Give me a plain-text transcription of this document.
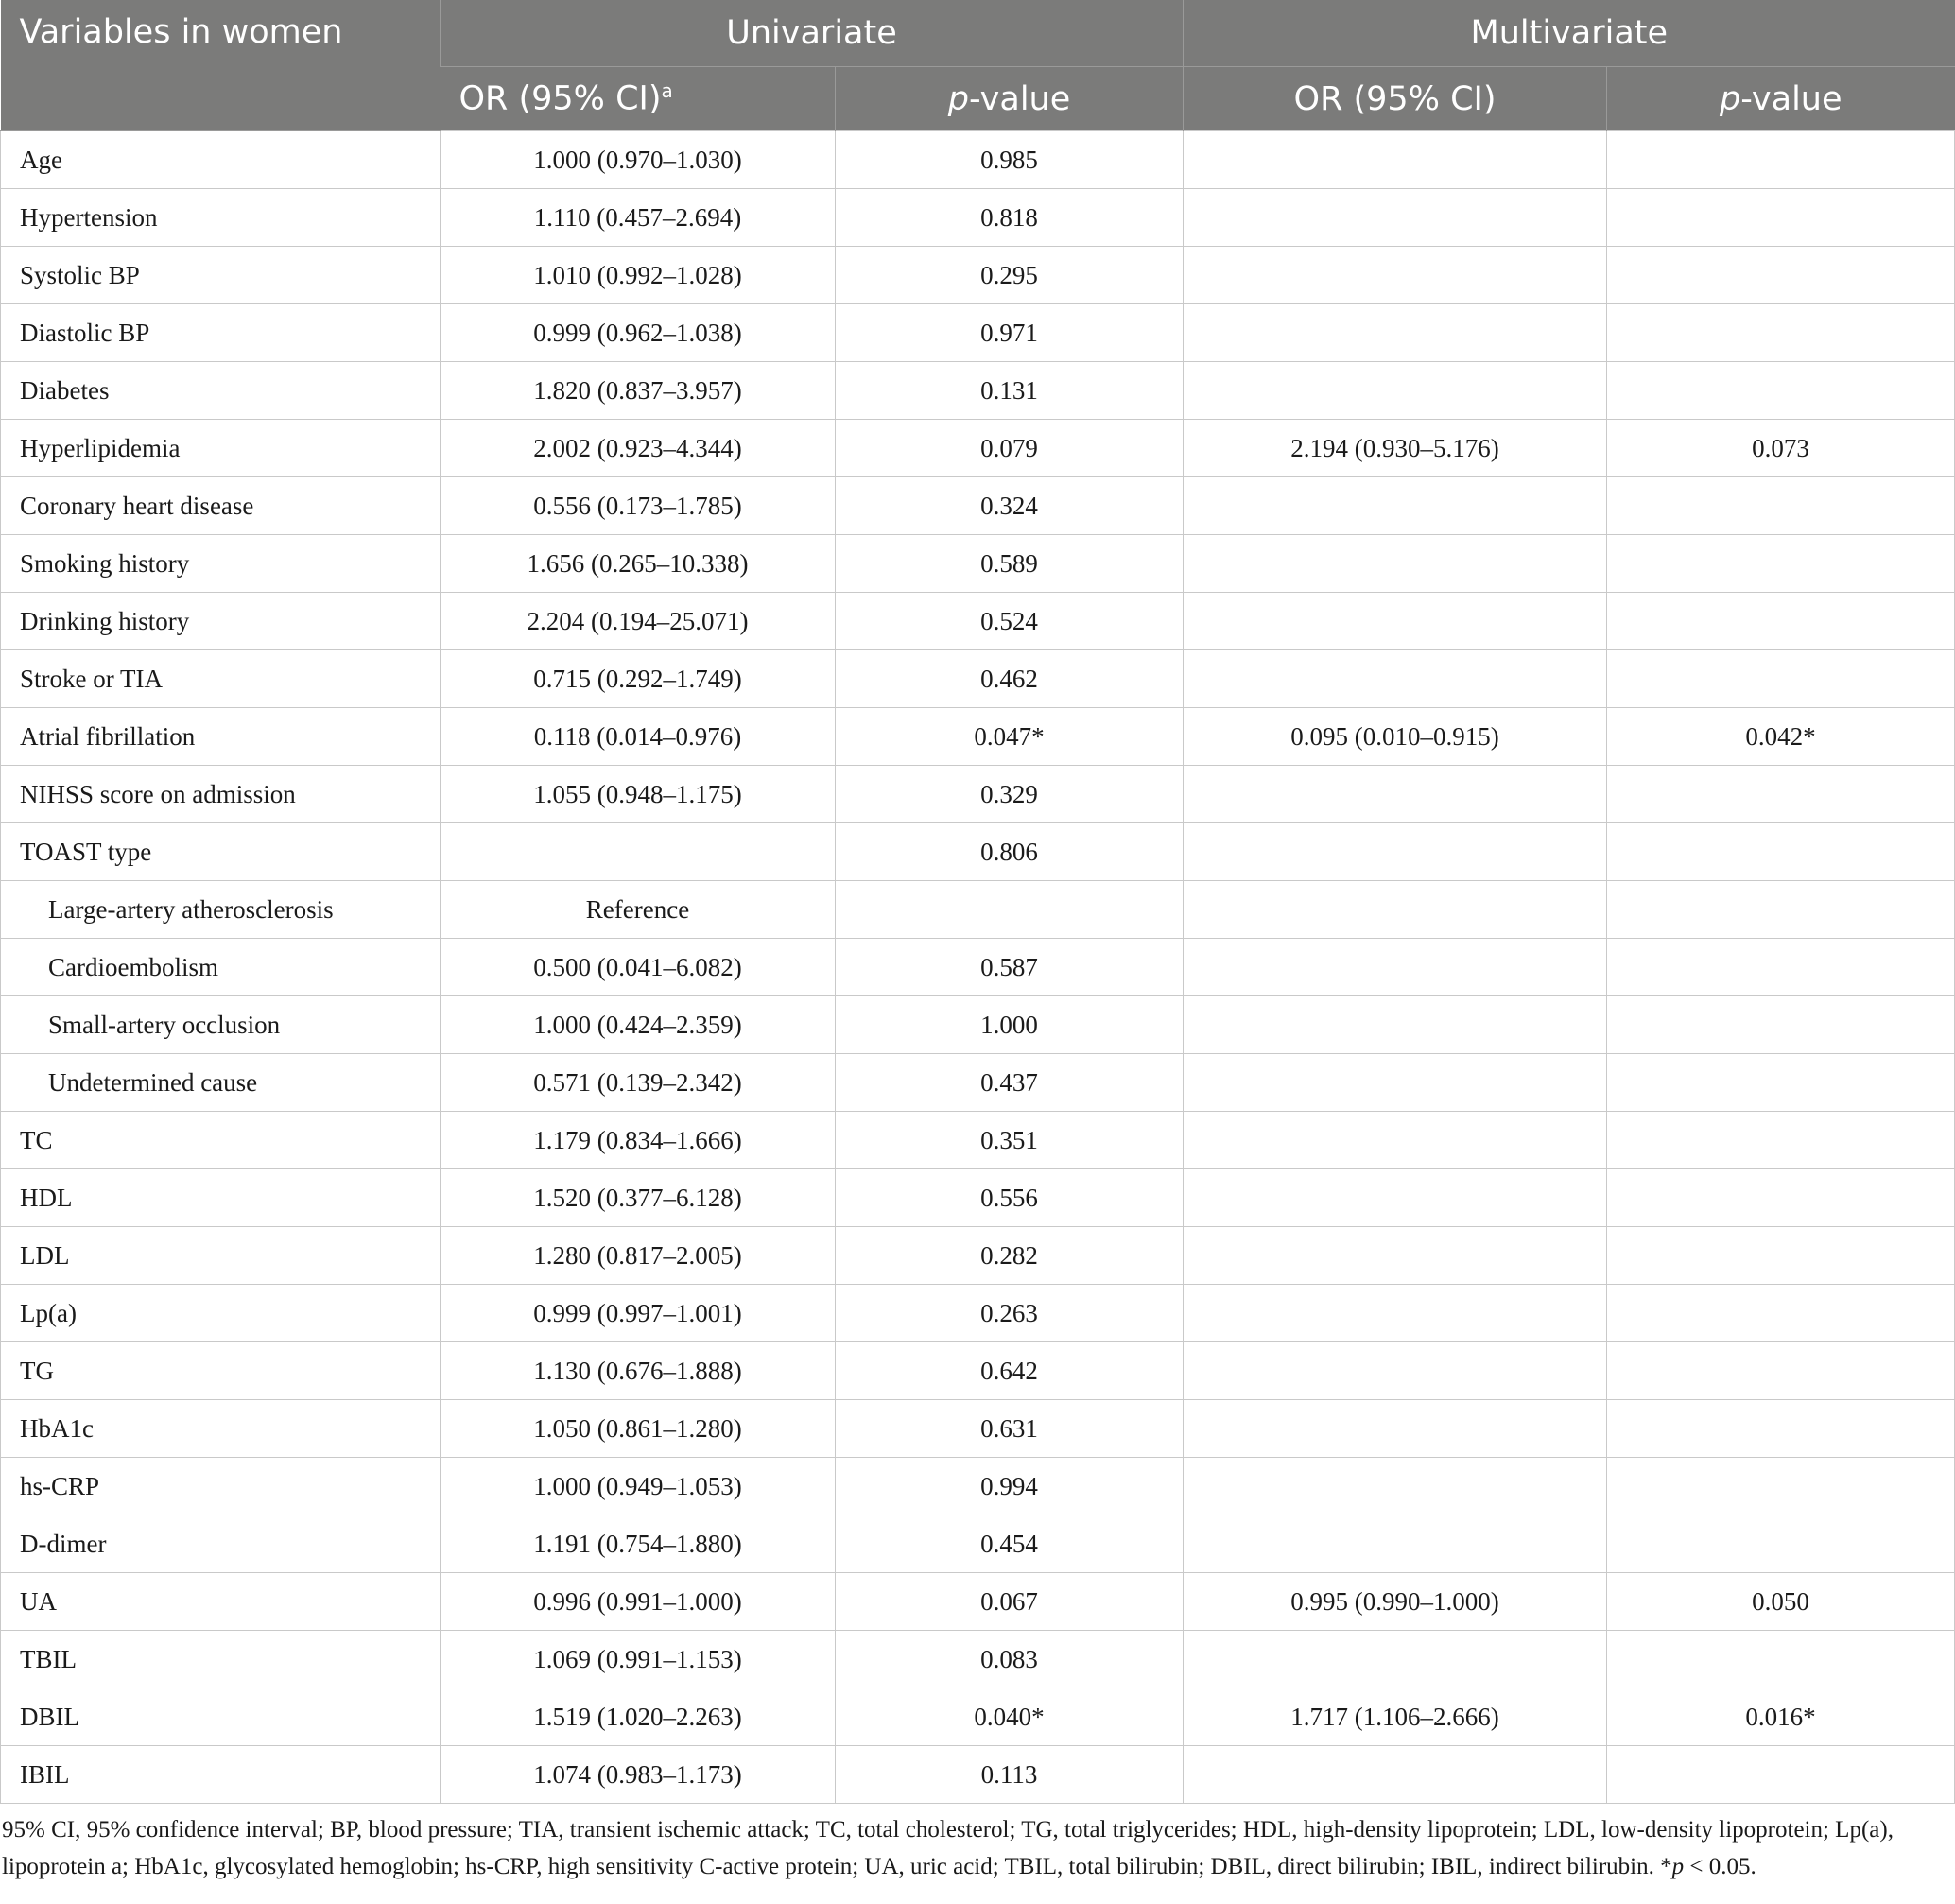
Variables in women	Univariate		Multivariate	
	OR (95% CI)$^a$	p-value	OR (95% CI)	p-value
Age	1.000 (0.970–1.030)	0.985		
Hypertension	1.110 (0.457–2.694)	0.818		
Systolic BP	1.010 (0.992–1.028)	0.295		
Diastolic BP	0.999 (0.962–1.038)	0.971		
Diabetes	1.820 (0.837–3.957)	0.131		
Hyperlipidemia	2.002 (0.923–4.344)	0.079	2.194 (0.930–5.176)	0.073
Coronary heart disease	0.556 (0.173–1.785)	0.324		
Smoking history	1.656 (0.265–10.338)	0.589		
Drinking history	2.204 (0.194–25.071)	0.524		
Stroke or TIA	0.715 (0.292–1.749)	0.462		
Atrial fibrillation	0.118 (0.014–0.976)	0.047*	0.095 (0.010–0.915)	0.042*
NIHSS score on admission	1.055 (0.948–1.175)	0.329		
TOAST type		0.806		
Large-artery atherosclerosis	Reference			
Cardioembolism	0.500 (0.041–6.082)	0.587		
Small-artery occlusion	1.000 (0.424–2.359)	1.000		
Undetermined cause	0.571 (0.139–2.342)	0.437		
TC	1.179 (0.834–1.666)	0.351		
HDL	1.520 (0.377–6.128)	0.556		
LDL	1.280 (0.817–2.005)	0.282		
Lp(a)	0.999 (0.997–1.001)	0.263		
TG	1.130 (0.676–1.888)	0.642		
HbA1c	1.050 (0.861–1.280)	0.631		
hs-CRP	1.000 (0.949–1.053)	0.994		
D-dimer	1.191 (0.754–1.880)	0.454		
UA	0.996 (0.991–1.000)	0.067	0.995 (0.990–1.000)	0.050
TBIL	1.069 (0.991–1.153)	0.083		
DBIL	1.519 (1.020–2.263)	0.040*	1.717 (1.106–2.666)	0.016*
IBIL	1.074 (0.983–1.173)	0.113		
95% CI, 95% confidence interval; BP, blood pressure; TIA, transient ischemic attack; TC, total cholesterol; TG, total triglycerides; HDL, high-density lipoprotein; LDL, low-density lipoprotein; Lp(a), lipoprotein a; HbA1c, glycosylated hemoglobin; hs-CRP, high sensitivity C-active protein; UA, uric acid; TBIL, total bilirubin; DBIL, direct bilirubin; IBIL, indirect bilirubin. *p < 0.05.
